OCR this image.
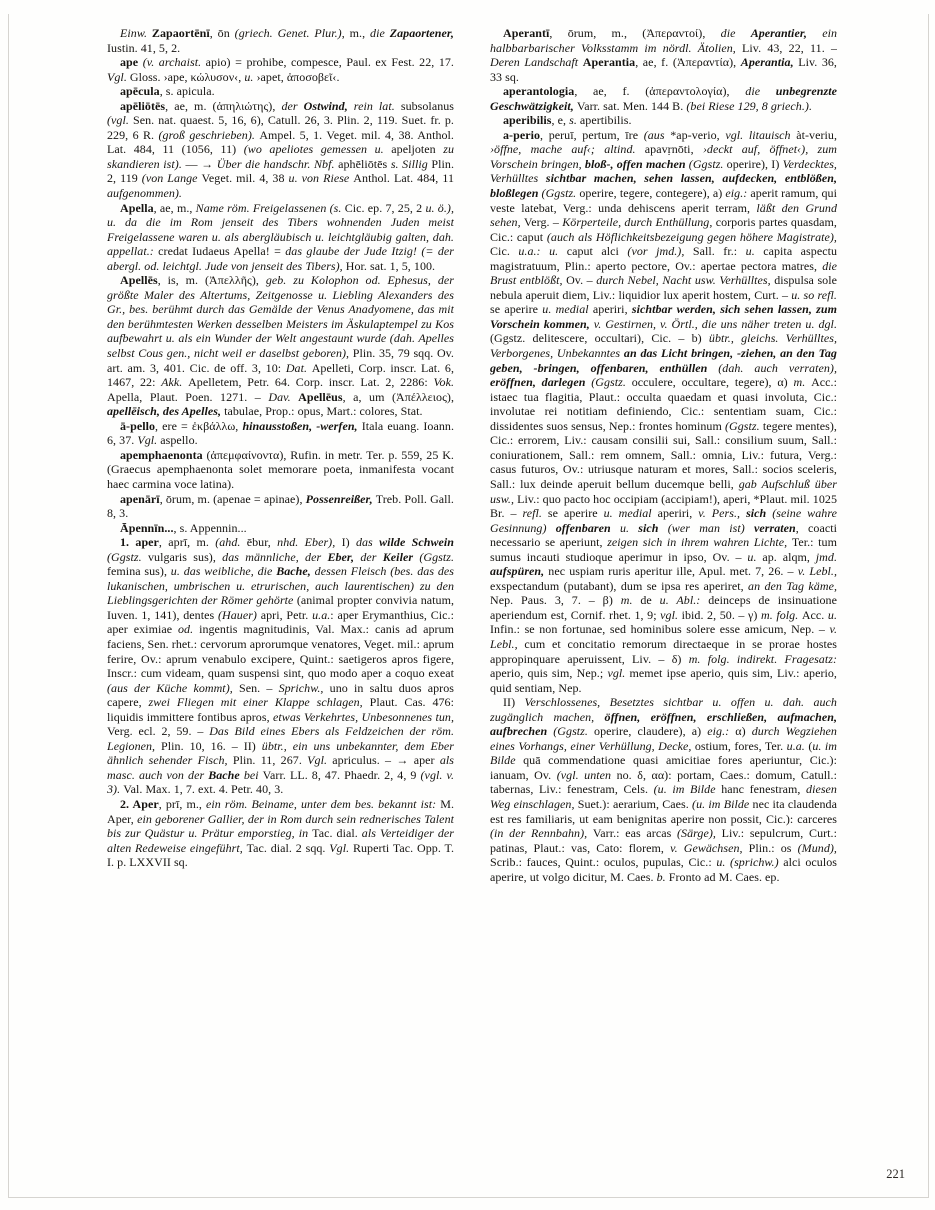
Einw. Zapaortēnī, ōn (griech. Genet. Plur.), m., die Zapaortener, Iustin. 41, 5, 2.

ape (v. archaist. apio) = prohibe, compesce, Paul. ex Fest. 22, 17. Vgl. Gloss. ›ape, κώλυσον‹, u. ›apet, ἀποσοβεῖ‹.

apēcula, s. apicula.

apēliōtēs, ae, m. (ἀπηλιώτης), der Ostwind, rein lat. subsolanus (vgl. Sen. nat. quaest. 5, 16, 6), Catull. 26, 3. Plin. 2, 119. Suet. fr. p. 229, 6 R. (groß geschrieben). Ampel. 5, 1. Veget. mil. 4, 38. Anthol. Lat. 484, 11 (1056, 11) (wo apeliotes gemessen u. apeljoten zu skandieren ist). — → Über die handschr. Nbf. aphēliōtēs s. Sillig Plin. 2, 119 (von Lange Veget. mil. 4, 38 u. von Riese Anthol. Lat. 484, 11 aufgenommen).

Apella, ae, m., Name röm. Freigelassenen (s. Cic. ep. 7, 25, 2 u. ö.), u. da die im Rom jenseit des Tibers wohnenden Juden meist Freigelassene waren u. als abergläubisch u. leichtgläubig galten, dah. appellat.: credat Iudaeus Apella! = das glaube der Jude Itzig! (= der abergl. od. leichtgl. Jude von jenseit des Tibers), Hor. sat. 1, 5, 100.

Apellēs, is, m. (Ἀπελλῆς), geb. zu Kolophon od. Ephesus, der größte Maler des Altertums, Zeitgenosse u. Liebling Alexanders des Gr., bes. berühmt durch das Gemälde der Venus Anadyomene, das mit den berühmtesten Werken desselben Meisters im Äskulaptempel zu Kos aufbewahrt u. als ein Wunder der Welt angestaunt wurde (dah. Apelles selbst Cous gen., nicht weil er daselbst geboren), Plin. 35, 79 sqq. Ov. art. am. 3, 401. Cic. de off. 3, 10: Dat. Apelleti, Corp. inscr. Lat. 6, 1467, 22: Akk. Apelletem, Petr. 64. Corp. inscr. Lat. 2, 2286: Vok. Apella, Plaut. Poen. 1271. – Dav. Apellēus, a, um (Ἀπέλλειος), apellēisch, des Apelles, tabulae, Prop.: opus, Mart.: colores, Stat.

ā-pello, ere = ἐκβάλλω, hinausstoßen, -werfen, Itala euang. Ioann. 6, 37. Vgl. aspello.

apemphaenonta (ἀπεμφαίνοντα), Rufin. in metr. Ter. p. 559, 25 K. (Graecus apemphaenonta solet memorare poeta, inmanifesta vocant haec carmina voce latina).

apenārī, ōrum, m. (apenae = apinae), Possenreißer, Treb. Poll. Gall. 8, 3.

Āpennīn..., s. Appennin...

1. aper, aprī, m. (ahd. ēbur, nhd. Eber), I) das wilde Schwein (Ggstz. vulgaris sus), das männliche, der Eber, der Keiler (Ggstz. femina sus), u. das weibliche, die Bache, dessen Fleisch (bes. das des lukanischen, umbrischen u. etrurischen, auch laurentischen) zu den Lieblingsgerichten der Römer gehörte (animal propter convivia natum, Iuven. 1, 141), dentes (Hauer) apri, Petr. u.a.: aper Erymanthius, Cic.: aper eximiae od. ingentis magnitudinis, Val. Max.: canis ad aprum faciens, Sen. rhet.: cervorum aprorumque venatores, Veget. mil.: aprum ferire, Ov.: aprum venabulo excipere, Quint.: saetigeros apros figere, Inscr.: cum videam, quam suspensi sint, quo modo aper a coquo exeat (aus der Küche kommt), Sen. – Sprichw., uno in saltu duos apros capere, zwei Fliegen mit einer Klappe schlagen, Plaut. Cas. 476: liquidis immittere fontibus apros, etwas Verkehrtes, Unbesonnenes tun, Verg. ecl. 2, 59. – Das Bild eines Ebers als Feldzeichen der röm. Legionen, Plin. 10, 16. – II) übtr., ein uns unbekannter, dem Eber ähnlich sehender Fisch, Plin. 11, 267. Vgl. apriculus. – → aper als masc. auch von der Bache bei Varr. LL. 8, 47. Phaedr. 2, 4, 9 (vgl. v. 3). Val. Max. 1, 7. ext. 4. Petr. 40, 3.

2. Aper, prī, m., ein röm. Beiname, unter dem bes. bekannt ist: M. Aper, ein geborener Gallier, der in Rom durch sein rednerisches Talent bis zur Quästur u. Prätur emporstieg, in Tac. dial. als Verteidiger der alten Redeweise eingeführt, Tac. dial. 2 sqq. Vgl. Ruperti Tac. Opp. T. I. p. LXXVII sq.

Aperantī, ōrum, m., (Ἀπεραντοί), die Aperantier, ein halbbarbarischer Volksstamm im nördl. Ätolien, Liv. 43, 22, 11. – Deren Landschaft Aperantia, ae, f. (Ἀπεραντία), Aperantia, Liv. 36, 33 sq.

aperantologia, ae, f. (ἀπεραντολογία), die unbegrenzte Geschwätzigkeit, Varr. sat. Men. 144 B. (bei Riese 129, 8 griech.).

aperibilis, e, s. apertibilis.

a-perio, peruī, pertum, īre (aus *ap-verio, vgl. litauisch àt-veriu, ›öffne, mache auf‹; altind. apavṛnōti, ›deckt auf, öffnet‹), zum Vorschein bringen, bloß-, offen machen (Ggstz. operire), I) Verdecktes, Verhülltes sichtbar machen, sehen lassen, aufdecken, entblößen, bloßlegen (Ggstz. operire, tegere, contegere), a) eig.: aperit ramum, qui veste latebat, Verg.: unda dehiscens aperit terram, läßt den Grund sehen, Verg. – Körperteile, durch Enthüllung, corporis partes quasdam, Cic.: caput (auch als Höflichkeitsbezeigung gegen höhere Magistrate), Cic. u.a.: u. caput alci (vor jmd.), Sall. fr.: u. capita aspectu magistratuum, Plin.: aperto pectore, Ov.: apertae pectora matres, die Brust entblößt, Ov. – durch Nebel, Nacht usw. Verhülltes, dispulsa sole nebula aperuit diem, Liv.: liquidior lux aperit hostem, Curt. – u. so refl. se aperire u. medial aperiri, sichtbar werden, sich sehen lassen, zum Vorschein kommen, v. Gestirnen, v. Örtl., die uns näher treten u. dgl. (Ggstz. delitescere, occultari), Cic. – b) übtr., gleichs. Verhülltes, Verborgenes, Unbekanntes an das Licht bringen, -ziehen, an den Tag geben, -bringen, offenbaren, enthüllen (dah. auch verraten), eröffnen, darlegen (Ggstz. occulere, occultare, tegere), α) m. Acc.: istaec tua flagitia, Plaut.: occulta quaedam et quasi involuta, Cic.: involutae rei notitiam definiendo, Cic.: sententiam suam, Cic.: dissidentes suos sensus, Nep.: frontes hominum (Ggstz. tegere mentes), Cic.: errorem, Liv.: causam consilii sui, Sall.: consilium suum, Sall.: coniurationem, Sall.: rem omnem, Sall.: omnia, Liv.: futura, Verg.: casus futuros, Ov.: utriusque naturam et mores, Sall.: socios sceleris, Sall.: lux deinde aperuit bellum ducemque belli, gab Aufschluß über usw., Liv.: quo pacto hoc occipiam (accipiam!), aperi, *Plaut. mil. 1025 Br. – refl. se aperire u. medial aperiri, v. Pers., sich (seine wahre Gesinnung) offenbaren u. sich (wer man ist) verraten, coacti necessario se aperiunt, zeigen sich in ihrem wahren Lichte, Ter.: tum sumus incauti studioque aperimur in ipso, Ov. – u. ap. alqm, jmd. aufspüren, nec uspiam ruris aperitur ille, Apul. met. 7, 26. – v. Lebl., exspectandum (putabant), dum se ipsa res aperiret, an den Tag käme, Nep. Paus. 3, 7. – β) m. de u. Abl.: deinceps de insinuatione aperiendum est, Cornif. rhet. 1, 9; vgl. ibid. 2, 50. – γ) m. folg. Acc. u. Infin.: se non fortunae, sed hominibus solere esse amicum, Nep. – v. Lebl., cum et concitatio remorum directaeque in se prorae hostes appropinquare aperuissent, Liv. – δ) m. folg. indirekt. Fragesatz: aperio, quis sim, Nep.; vgl. memet ipse aperio, quis sim, Liv.: aperio, quid sentiam, Nep.

II) Verschlossenes, Besetztes sichtbar u. offen u. dah. auch zugänglich machen, öffnen, eröffnen, erschließen, aufmachen, aufbrechen (Ggstz. operire, claudere), a) eig.: α) durch Wegziehen eines Vorhangs, einer Verhüllung, Decke, ostium, fores, Ter. u.a. (u. im Bilde quā commendatione quasi amicitiae fores aperiuntur, Cic.): ianuam, Ov. (vgl. unten no. δ, αα): portam, Caes.: domum, Catull.: tabernas, Liv.: fenestram, Cels. (u. im Bilde hanc fenestram, diesen Weg einschlagen, Suet.): aerarium, Caes. (u. im Bilde nec ita claudenda est res familiaris, ut eam benignitas aperire non possit, Cic.): carceres (in der Rennbahn), Varr.: eas arcas (Särge), Liv.: sepulcrum, Curt.: patinas, Plaut.: vas, Cato: florem, v. Gewächsen, Plin.: os (Mund), Scrib.: fauces, Quint.: oculos, pupulas, Cic.: u. (sprichw.) alci oculos aperire, ut volgo dicitur, M. Caes. b. Fronto ad M. Caes. ep.

221
